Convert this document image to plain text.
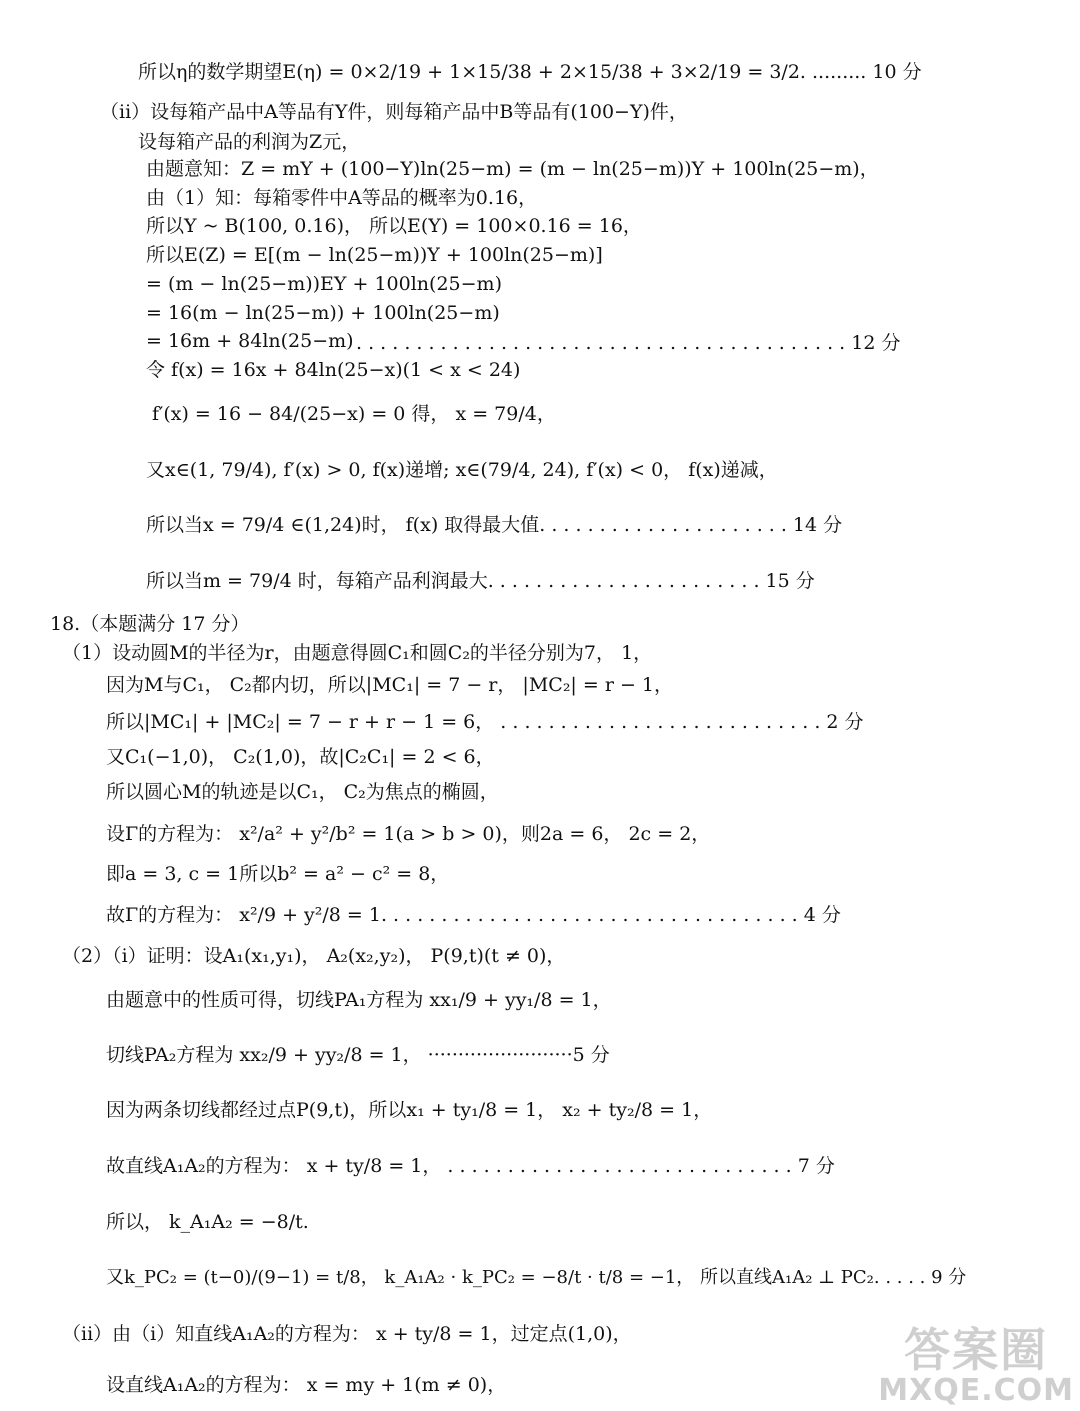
所以η的数学期望E(η) = 0×2/19 + 1×15/38 + 2×15/38 + 3×2/19 = 3/2. ......... 10 分
（ii）设每箱产品中A等品有Y件，则每箱产品中B等品有(100−Y)件，
设每箱产品的利润为Z元，
由题意知：Z = mY + (100−Y)ln(25−m) = (m − ln(25−m))Y + 100ln(25−m)，
由（1）知：每箱零件中A等品的概率为0.16，
所以Y ~ B(100, 0.16)， 所以E(Y) = 100×0.16 = 16，
所以E(Z) = E[(m − ln(25−m))Y + 100ln(25−m)]
= (m − ln(25−m))EY + 100ln(25−m)
= 16(m − ln(25−m)) + 100ln(25−m)
= 16m + 84ln(25−m) . . . . . . . . . . . . . . . . . . . . . . . . . . . . . . . . . . . . . . . . . 12 分
令 f(x) = 16x + 84ln(25−x)(1 < x < 24)
f′(x) = 16 − 84/(25−x) = 0 得， x = 79/4，
又x∈(1, 79/4), f′(x) > 0, f(x)递增; x∈(79/4, 24), f′(x) < 0， f(x)递减，
所以当x = 79/4 ∈(1,24)时， f(x) 取得最大值. . . . . . . . . . . . . . . . . . . . . 14 分
所以当m = 79/4 时，每箱产品利润最大. . . . . . . . . . . . . . . . . . . . . . . 15 分
18.（本题满分 17 分）
（1）设动圆M的半径为r，由题意得圆C₁和圆C₂的半径分别为7， 1，
因为M与C₁， C₂都内切，所以|MC₁| = 7 − r， |MC₂| = r − 1，
所以|MC₁| + |MC₂| = 7 − r + r − 1 = 6， . . . . . . . . . . . . . . . . . . . . . . . . . . . 2 分
又C₁(−1,0)， C₂(1,0)，故|C₂C₁| = 2 < 6，
所以圆心M的轨迹是以C₁， C₂为焦点的椭圆，
设Γ的方程为： x²/a² + y²/b² = 1(a > b > 0)，则2a = 6， 2c = 2，
即a = 3, c = 1所以b² = a² − c² = 8，
故Γ的方程为： x²/9 + y²/8 = 1. . . . . . . . . . . . . . . . . . . . . . . . . . . . . . . . . . . 4 分
（2）（i）证明：设A₁(x₁,y₁)， A₂(x₂,y₂)， P(9,t)(t ≠ 0)，
由题意中的性质可得，切线PA₁方程为 xx₁/9 + yy₁/8 = 1，
切线PA₂方程为 xx₂/9 + yy₂/8 = 1， ························5 分
因为两条切线都经过点P(9,t)，所以x₁ + ty₁/8 = 1， x₂ + ty₂/8 = 1，
故直线A₁A₂的方程为： x + ty/8 = 1， . . . . . . . . . . . . . . . . . . . . . . . . . . . . . 7 分
所以， k_A₁A₂ = −8/t.
又k_PC₂ = (t−0)/(9−1) = t/8， k_A₁A₂ · k_PC₂ = −8/t · t/8 = −1， 所以直线A₁A₂ ⊥ PC₂. . . . . 9 分
（ii）由（i）知直线A₁A₂的方程为： x + ty/8 = 1，过定点(1,0)，
设直线A₁A₂的方程为： x = my + 1(m ≠ 0)，
答案圈
MXQE.COM
